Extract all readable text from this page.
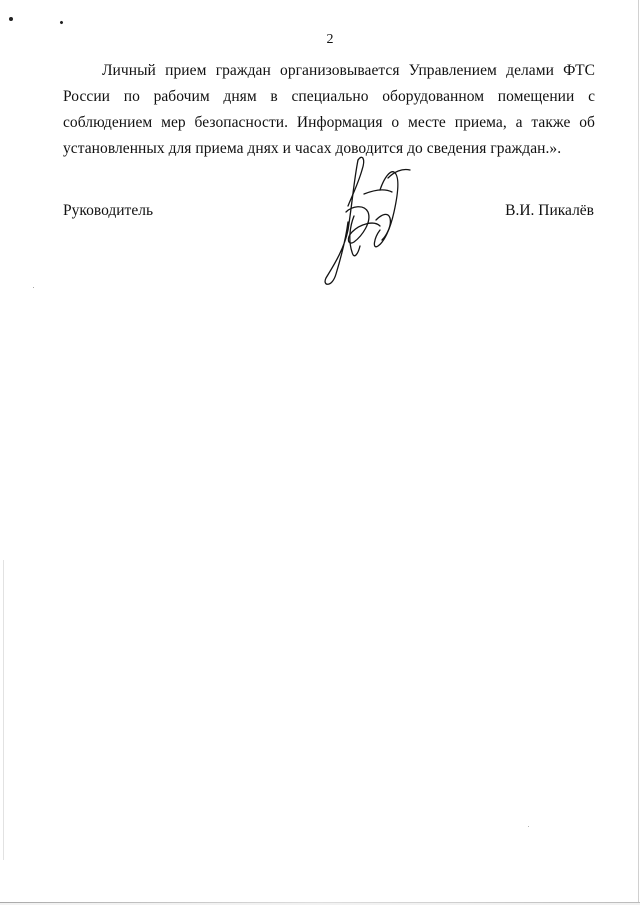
2

Личный прием граждан организовывается Управлением делами ФТС России по рабочим дням в специально оборудованном помещении с соблюдением мер безопасности. Информация о месте приема, а также об установленных для приема днях и часах доводится до сведения граждан.».

Руководитель	В.И. Пикалёв
